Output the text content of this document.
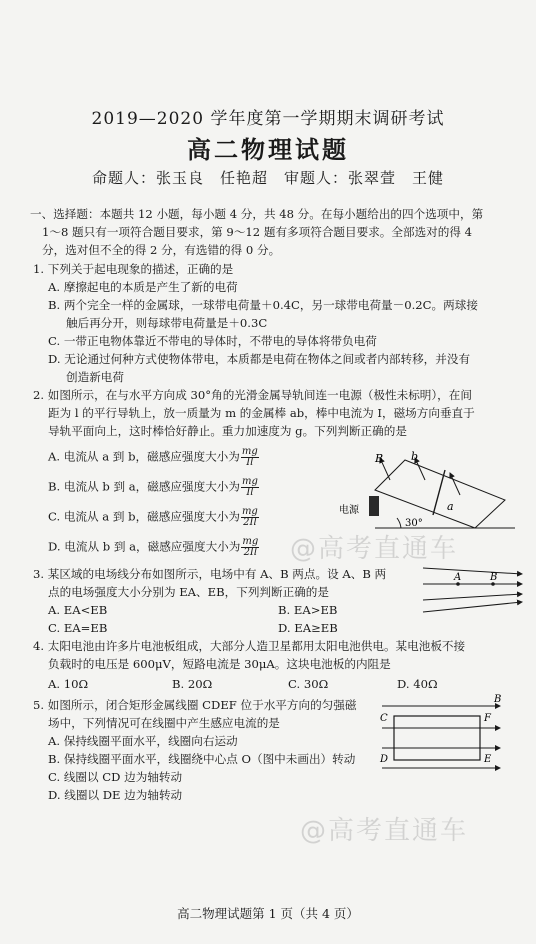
2019—2020 学年度第一学期期末调研考试
高二物理试题
命题人：张玉良　任艳超　审题人：张翠萱　王健
一、选择题：本题共 12 小题，每小题 4 分，共 48 分。在每小题给出的四个选项中，第
1～8 题只有一项符合题目要求，第 9～12 题有多项符合题目要求。全部选对的得 4
分，选对但不全的得 2 分，有选错的得 0 分。
1. 下列关于起电现象的描述，正确的是
A. 摩擦起电的本质是产生了新的电荷
B. 两个完全一样的金属球，一球带电荷量＋0.4C，另一球带电荷量－0.2C。两球接
触后再分开，则每球带电荷量是＋0.3C
C. 一带正电物体靠近不带电的导体时，不带电的导体将带负电荷
D. 无论通过何种方式使物体带电，本质都是电荷在物体之间或者内部转移，并没有
创造新电荷
2. 如图所示，在与水平方向成 30°角的光滑金属导轨间连一电源（极性未标明），在间
距为 l 的平行导轨上，放一质量为 m 的金属棒 ab，棒中电流为 I，磁场方向垂直于
导轨平面向上，这时棒恰好静止。重力加速度为 g。下列判断正确的是
A. 电流从 a 到 b，磁感应强度大小为 $\frac{mg}{Il}$
B. 电流从 b 到 a，磁感应强度大小为 $\frac{mg}{Il}$
C. 电流从 a 到 b，磁感应强度大小为 $\frac{mg}{2Il}$
D. 电流从 b 到 a，磁感应强度大小为 $\frac{mg}{2Il}$
B	b
a
电源
30°
3. 某区域的电场线分布如图所示，电场中有 A、B 两点。设 A、B 两
点的电场强度大小分别为 EA、EB，下列判断正确的是
A. EA<EB	B. EA>EB
C. EA=EB	D. EA≥EB
A	B
4. 太阳电池由许多片电池板组成，大部分人造卫星都用太阳电池供电。某电池板不接
负载时的电压是 600μV，短路电流是 30μA。这块电池板的内阻是
A. 10Ω	B. 20Ω	C. 30Ω	D. 40Ω
5. 如图所示，闭合矩形金属线圈 CDEF 位于水平方向的匀强磁
场中，下列情况可在线圈中产生感应电流的是
A. 保持线圈平面水平，线圈向右运动
B. 保持线圈平面水平，线圈绕中心点 O（图中未画出）转动
C. 线圈以 CD 边为轴转动
D. 线圈以 DE 边为轴转动
B
C	F
D	E
高二物理试题第 1 页（共 4 页）
@高考直通车
@高考直通车
